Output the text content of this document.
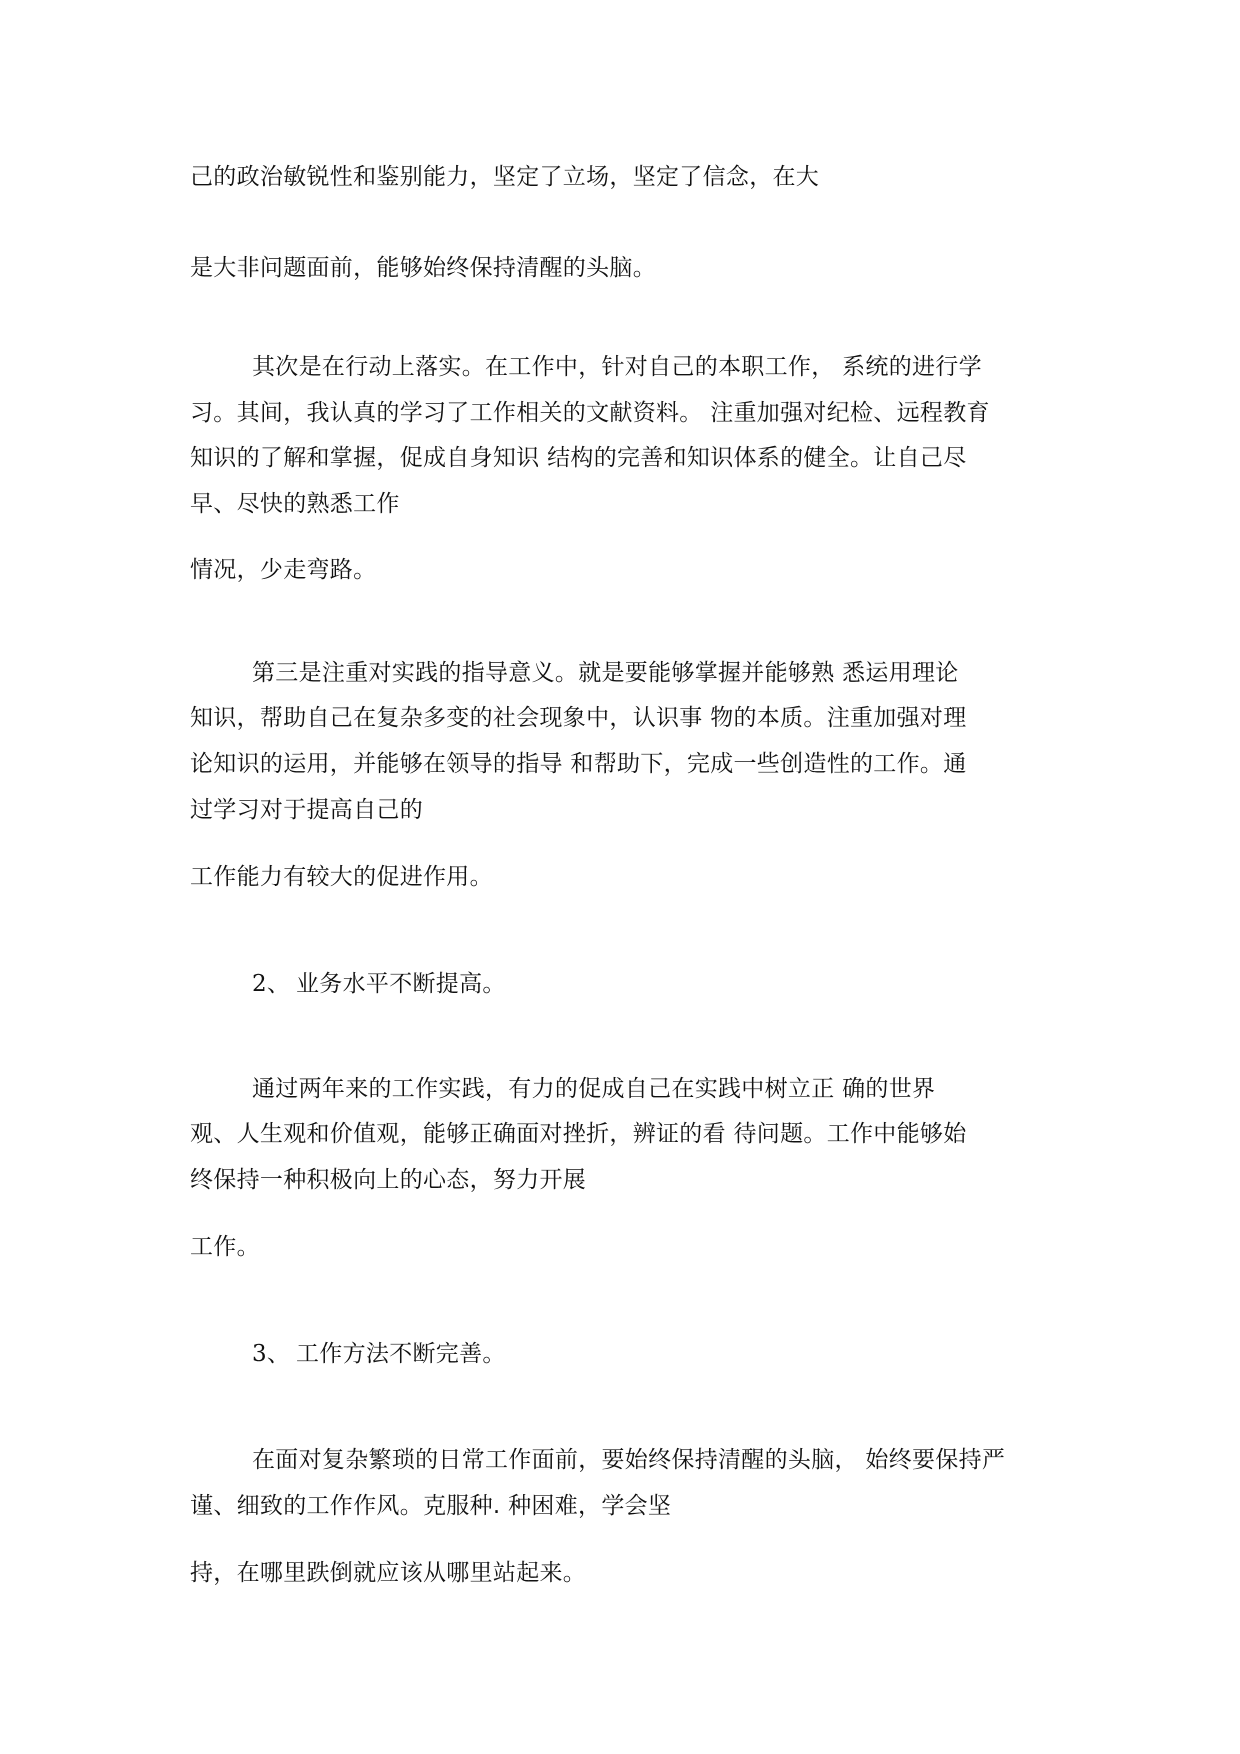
己的政治敏锐性和鉴别能力，坚定了立场，坚定了信念，在大

是大非问题面前，能够始终保持清醒的头脑。

其次是在行动上落实。在工作中，针对自己的本职工作， 系统的进行学

习。其间，我认真的学习了工作相关的文献资料。 注重加强对纪检、远程教育

知识的了解和掌握，促成自身知识 结构的完善和知识体系的健全。让自己尽

早、尽快的熟悉工作

情况，少走弯路。

第三是注重对实践的指导意义。就是要能够掌握并能够熟 悉运用理论

知识，帮助自己在复杂多变的社会现象中，认识事 物的本质。注重加强对理

论知识的运用，并能够在领导的指导 和帮助下，完成一些创造性的工作。通

过学习对于提高自己的

工作能力有较大的促进作用。

2、 业务水平不断提高。

通过两年来的工作实践，有力的促成自己在实践中树立正 确的世界

观、人生观和价值观，能够正确面对挫折，辨证的看 待问题。工作中能够始

终保持一种积极向上的心态，努力开展

工作。

3、 工作方法不断完善。

在面对复杂繁琐的日常工作面前，要始终保持清醒的头脑， 始终要保持严

谨、细致的工作作风。克服种. 种困难，学会坚

持，在哪里跌倒就应该从哪里站起来。
